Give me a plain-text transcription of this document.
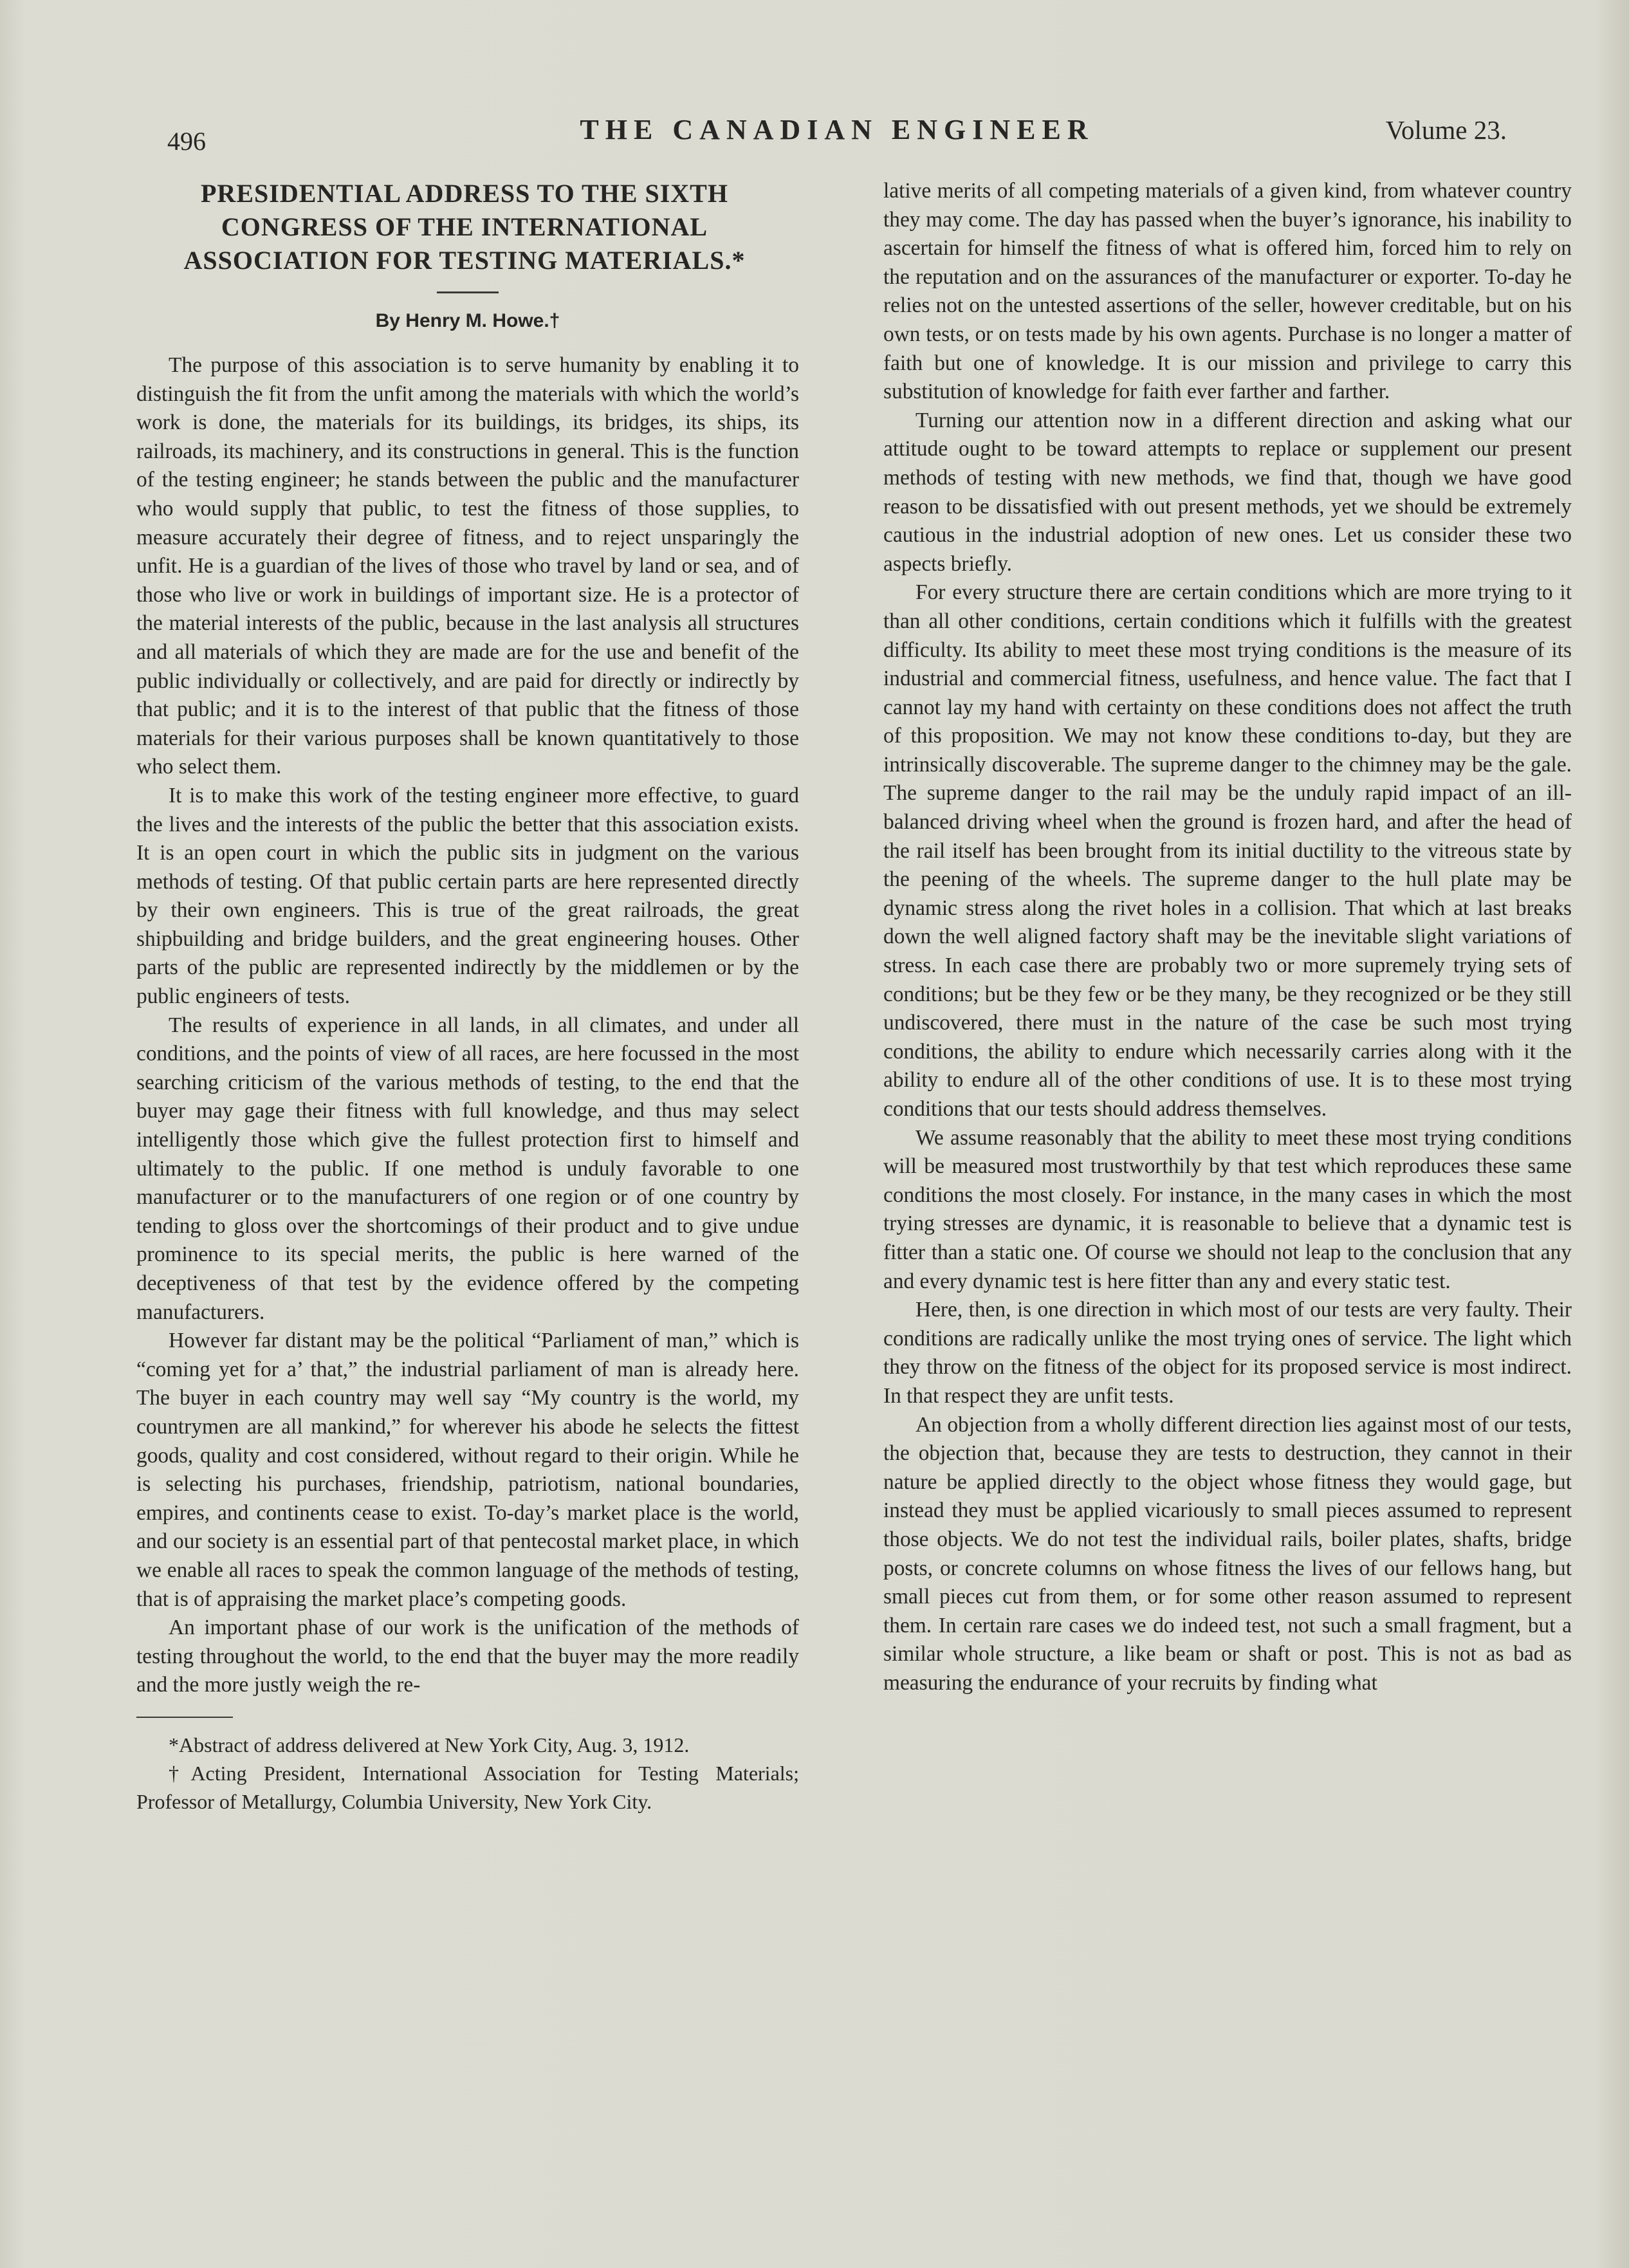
496	THE CANADIAN ENGINEER	Volume 23.
PRESIDENTIAL ADDRESS TO THE SIXTH CONGRESS OF THE INTERNATIONAL ASSOCIATION FOR TESTING MATERIALS.*
By Henry M. Howe.†

The purpose of this association is to serve humanity by enabling it to distinguish the fit from the unfit among the materials with which the world’s work is done, the materials for its buildings, its bridges, its ships, its railroads, its machinery, and its constructions in general. This is the function of the testing engineer; he stands between the public and the manufacturer who would supply that public, to test the fitness of those supplies, to measure accurately their degree of fitness, and to reject unsparingly the unfit. He is a guardian of the lives of those who travel by land or sea, and of those who live or work in buildings of important size. He is a protector of the material interests of the public, because in the last analysis all structures and all materials of which they are made are for the use and benefit of the public individually or collectively, and are paid for directly or indirectly by that public; and it is to the interest of that public that the fitness of those materials for their various purposes shall be known quantitatively to those who select them.

It is to make this work of the testing engineer more effective, to guard the lives and the interests of the public the better that this association exists. It is an open court in which the public sits in judgment on the various methods of testing. Of that public certain parts are here represented directly by their own engineers. This is true of the great railroads, the great shipbuilding and bridge builders, and the great engineering houses. Other parts of the public are represented indirectly by the middlemen or by the public engineers of tests.

The results of experience in all lands, in all climates, and under all conditions, and the points of view of all races, are here focussed in the most searching criticism of the various methods of testing, to the end that the buyer may gage their fitness with full knowledge, and thus may select intelligently those which give the fullest protection first to himself and ultimately to the public. If one method is unduly favorable to one manufacturer or to the manufacturers of one region or of one country by tending to gloss over the shortcomings of their product and to give undue prominence to its special merits, the public is here warned of the deceptiveness of that test by the evidence offered by the competing manufacturers.

However far distant may be the political “Parliament of man,” which is “coming yet for a’ that,” the industrial parliament of man is already here. The buyer in each country may well say “My country is the world, my countrymen are all mankind,” for wherever his abode he selects the fittest goods, quality and cost considered, without regard to their origin. While he is selecting his purchases, friendship, patriotism, national boundaries, empires, and continents cease to exist. To-day’s market place is the world, and our society is an essential part of that pentecostal market place, in which we enable all races to speak the common language of the methods of testing, that is of appraising the market place’s competing goods.

An important phase of our work is the unification of the methods of testing throughout the world, to the end that the buyer may the more readily and the more justly weigh the re-

*Abstract of address delivered at New York City, Aug. 3, 1912.
†Acting President, International Association for Testing Materials; Professor of Metallurgy, Columbia University, New York City.

lative merits of all competing materials of a given kind, from whatever country they may come. The day has passed when the buyer’s ignorance, his inability to ascertain for himself the fitness of what is offered him, forced him to rely on the reputation and on the assurances of the manufacturer or exporter. To-day he relies not on the untested assertions of the seller, however creditable, but on his own tests, or on tests made by his own agents. Purchase is no longer a matter of faith but one of knowledge. It is our mission and privilege to carry this substitution of knowledge for faith ever farther and farther.

Turning our attention now in a different direction and asking what our attitude ought to be toward attempts to replace or supplement our present methods of testing with new methods, we find that, though we have good reason to be dissatisfied with out present methods, yet we should be extremely cautious in the industrial adoption of new ones. Let us consider these two aspects briefly.

For every structure there are certain conditions which are more trying to it than all other conditions, certain conditions which it fulfills with the greatest difficulty. Its ability to meet these most trying conditions is the measure of its industrial and commercial fitness, usefulness, and hence value. The fact that I cannot lay my hand with certainty on these conditions does not affect the truth of this proposition. We may not know these conditions to-day, but they are intrinsically discoverable. The supreme danger to the chimney may be the gale. The supreme danger to the rail may be the unduly rapid impact of an ill-balanced driving wheel when the ground is frozen hard, and after the head of the rail itself has been brought from its initial ductility to the vitreous state by the peening of the wheels. The supreme danger to the hull plate may be dynamic stress along the rivet holes in a collision. That which at last breaks down the well aligned factory shaft may be the inevitable slight variations of stress. In each case there are probably two or more supremely trying sets of conditions; but be they few or be they many, be they recognized or be they still undiscovered, there must in the nature of the case be such most trying conditions, the ability to endure which necessarily carries along with it the ability to endure all of the other conditions of use. It is to these most trying conditions that our tests should address themselves.

We assume reasonably that the ability to meet these most trying conditions will be measured most trustworthily by that test which reproduces these same conditions the most closely. For instance, in the many cases in which the most trying stresses are dynamic, it is reasonable to believe that a dynamic test is fitter than a static one. Of course we should not leap to the conclusion that any and every dynamic test is here fitter than any and every static test.

Here, then, is one direction in which most of our tests are very faulty. Their conditions are radically unlike the most trying ones of service. The light which they throw on the fitness of the object for its proposed service is most indirect. In that respect they are unfit tests.

An objection from a wholly different direction lies against most of our tests, the objection that, because they are tests to destruction, they cannot in their nature be applied directly to the object whose fitness they would gage, but instead they must be applied vicariously to small pieces assumed to represent those objects. We do not test the individual rails, boiler plates, shafts, bridge posts, or concrete columns on whose fitness the lives of our fellows hang, but small pieces cut from them, or for some other reason assumed to represent them. In certain rare cases we do indeed test, not such a small fragment, but a similar whole structure, a like beam or shaft or post. This is not as bad as measuring the endurance of your recruits by finding what
